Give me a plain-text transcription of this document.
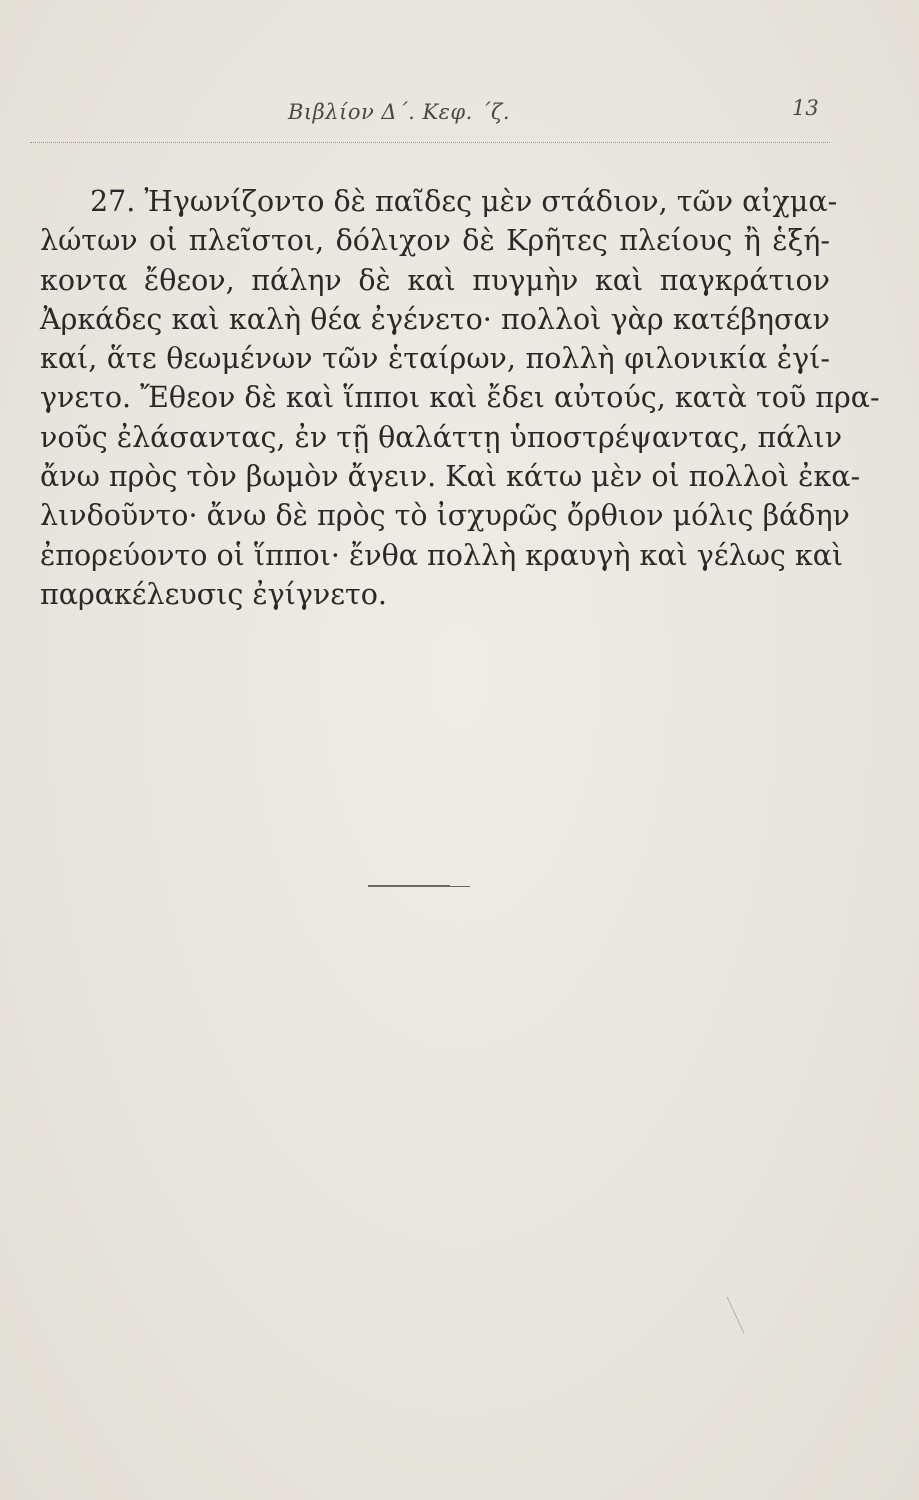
Βιβλίον Δ΄. Κεφ. ΄ζ.	13
27. Ἠγωνίζοντο δὲ παῖδες μὲν στάδιον, τῶν αἰχμα-
λώτων οἱ πλεῖστοι, δόλιχον δὲ Κρῆτες πλείους ἢ ἑξή-
κοντα ἔθεον, πάλην δὲ καὶ πυγμὴν καὶ παγκράτιον
Ἀρκάδες καὶ καλὴ θέα ἐγένετο· πολλοὶ γὰρ κατέβησαν
καί, ἅτε θεωμένων τῶν ἑταίρων, πολλὴ φιλονικία ἐγί-
γνετο. Ἔθεον δὲ καὶ ἵπποι καὶ ἔδει αὐτούς, κατὰ τοῦ πρα-
νοῦς ἐλάσαντας, ἐν τῇ θαλάττῃ ὑποστρέψαντας, πάλιν
ἄνω πρὸς τὸν βωμὸν ἄγειν. Καὶ κάτω μὲν οἱ πολλοὶ ἐκα-
λινδοῦντο· ἄνω δὲ πρὸς τὸ ἰσχυρῶς ὄρθιον μόλις βάδην
ἐπορεύοντο οἱ ἵπποι· ἔνθα πολλὴ κραυγὴ καὶ γέλως καὶ
παρακέλευσις ἐγίγνετο.
